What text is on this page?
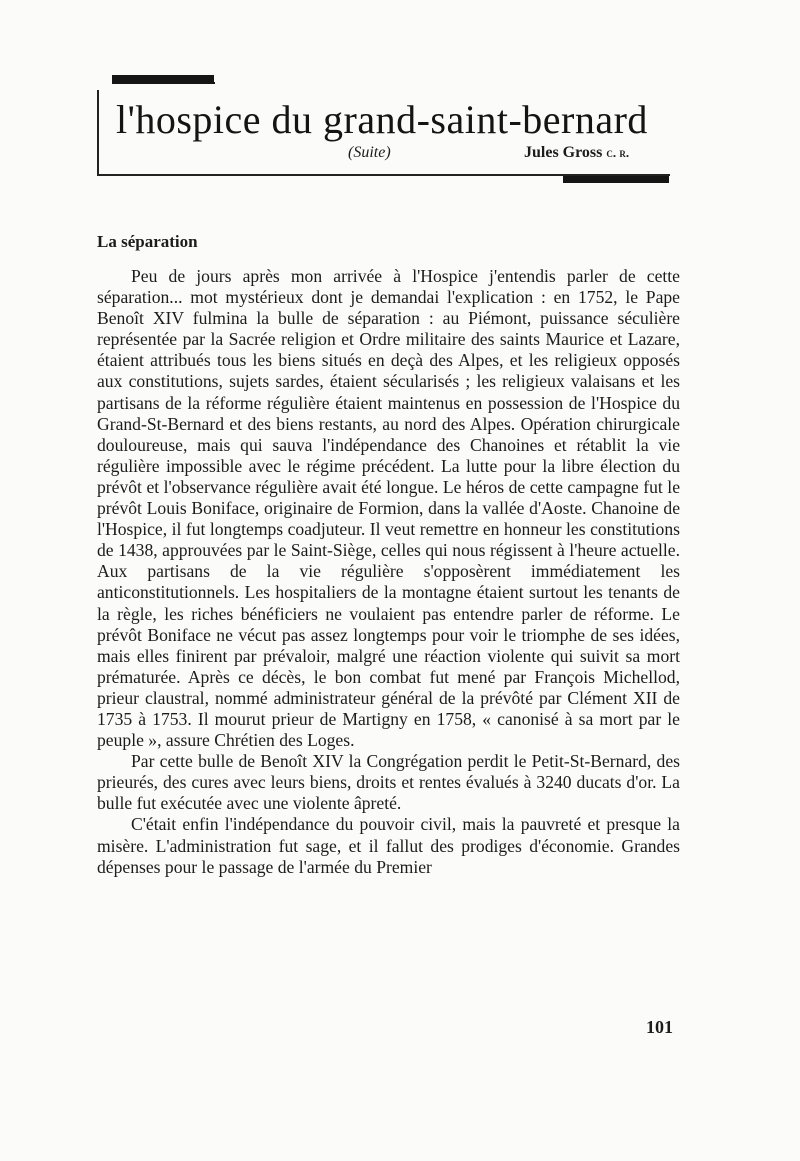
l'hospice du grand-saint-bernard
(Suite)	Jules Gross c. r.
La séparation

Peu de jours après mon arrivée à l'Hospice j'entendis parler de cette séparation... mot mystérieux dont je demandai l'explication : en 1752, le Pape Benoît XIV fulmina la bulle de séparation : au Piémont, puissance séculière représentée par la Sacrée religion et Ordre militaire des saints Maurice et Lazare, étaient attribués tous les biens situés en deçà des Alpes, et les religieux opposés aux constitutions, sujets sardes, étaient sécularisés ; les religieux valaisans et les partisans de la réforme régulière étaient maintenus en possession de l'Hospice du Grand-St-Bernard et des biens restants, au nord des Alpes. Opération chirurgicale douloureuse, mais qui sauva l'indépendance des Chanoines et rétablit la vie régulière impossible avec le régime précédent. La lutte pour la libre élection du prévôt et l'observance régulière avait été longue. Le héros de cette campagne fut le prévôt Louis Boniface, originaire de Formion, dans la vallée d'Aoste. Chanoine de l'Hospice, il fut longtemps coadjuteur. Il veut remettre en honneur les constitutions de 1438, approuvées par le Saint-Siège, celles qui nous régissent à l'heure actuelle. Aux partisans de la vie régulière s'opposèrent immédiatement les anticonstitutionnels. Les hospitaliers de la montagne étaient surtout les tenants de la règle, les riches bénéficiers ne voulaient pas entendre parler de réforme. Le prévôt Boniface ne vécut pas assez longtemps pour voir le triomphe de ses idées, mais elles finirent par prévaloir, malgré une réaction violente qui suivit sa mort prématurée. Après ce décès, le bon combat fut mené par François Michellod, prieur claustral, nommé administrateur général de la prévôté par Clément XII de 1735 à 1753. Il mourut prieur de Martigny en 1758, « canonisé à sa mort par le peuple », assure Chrétien des Loges.

Par cette bulle de Benoît XIV la Congrégation perdit le Petit-St-Bernard, des prieurés, des cures avec leurs biens, droits et rentes évalués à 3240 ducats d'or. La bulle fut exécutée avec une violente âpreté.

C'était enfin l'indépendance du pouvoir civil, mais la pauvreté et presque la misère. L'administration fut sage, et il fallut des prodiges d'économie. Grandes dépenses pour le passage de l'armée du Premier

101
